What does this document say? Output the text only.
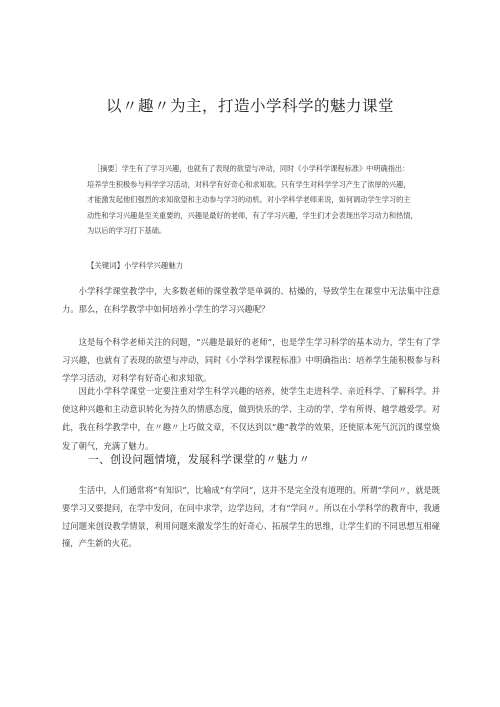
以〃趣〃为主，打造小学科学的魅力课堂
［摘要］学生有了学习兴趣，也就有了表现的欲望与冲动，同时《小学科学课程标准》中明确指出：
培养学生积极参与科学学习活动，对科学有好奇心和求知欲。只有学生对科学学习产生了浓厚的兴趣，
才能激发起他们强烈的求知欲望和主动参与学习的动机。对小学科学老师来说，如何调动学生学习的主
动性和学习兴趣是至关重要的，兴趣是最好的老师，有了学习兴趣，学生们才会表现出学习动力和热情，
为以后的学习打下基础。
【关键词】小学科学兴趣魅力
小学科学课堂教学中，大多数老师的课堂教学是单调的、枯燥的，导致学生在课堂中无法集中注意力。那么，在科学教学中如何培养小学生的学习兴趣呢？
这是每个科学老师关注的问题，“兴趣是最好的老师”，也是学生学习科学的基本动力，学生有了学习兴趣，也就有了表现的欲望与冲动，同时《小学科学课程标准》中明确指出：培养学生能积极参与科学学习活动，对科学有好奇心和求知欲。
因此小学科学课堂一定要注重对学生科学兴趣的培养，使学生走进科学、亲近科学、了解科学。并使这种兴趣和主动意识转化为持久的情感态度，做到快乐的学、主动的学，学有所得、越学越爱学。对此，我在科学教学中，在〃趣〃上巧做文章，不仅达到以“趣”教学的效果，还使原本死气沉沉的课堂焕发了朝气，充满了魅力。
一、创设问题情境，发展科学课堂的〃魅力〃
生活中，人们通常将“有知识”，比喻成“有学问”，这并不是完全没有道理的。所谓“学问〃，就是既要学习又要提问，在学中发问，在问中求学，边学边问，才有“学问〃。所以在小学科学的教育中，我通过问题来创设教学情景，利用问题来激发学生的好奇心、拓展学生的思维，让学生们的不同思想互相碰撞，产生新的火花。
